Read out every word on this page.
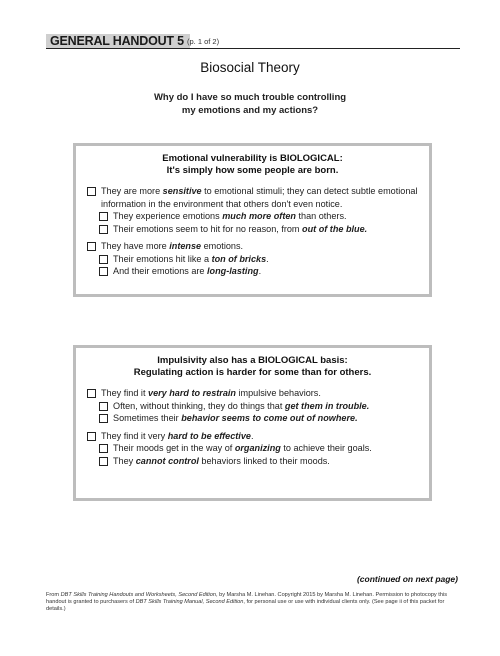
GENERAL HANDOUT 5 (p. 1 of 2)
Biosocial Theory
Why do I have so much trouble controlling
my emotions and my actions?
Emotional vulnerability is BIOLOGICAL:
It's simply how some people are born.
They are more sensitive to emotional stimuli; they can detect subtle emotional information in the environment that others don't even notice.
They experience emotions much more often than others.
Their emotions seem to hit for no reason, from out of the blue.
They have more intense emotions.
Their emotions hit like a ton of bricks.
And their emotions are long-lasting.
Impulsivity also has a BIOLOGICAL basis:
Regulating action is harder for some than for others.
They find it very hard to restrain impulsive behaviors.
Often, without thinking, they do things that get them in trouble.
Sometimes their behavior seems to come out of nowhere.
They find it very hard to be effective.
Their moods get in the way of organizing to achieve their goals.
They cannot control behaviors linked to their moods.
(continued on next page)
From DBT Skills Training Handouts and Worksheets, Second Edition, by Marsha M. Linehan. Copyright 2015 by Marsha M. Linehan. Permission to photocopy this handout is granted to purchasers of DBT Skills Training Manual, Second Edition, for personal use or use with individual clients only. (See page ii of this packet for details.)
